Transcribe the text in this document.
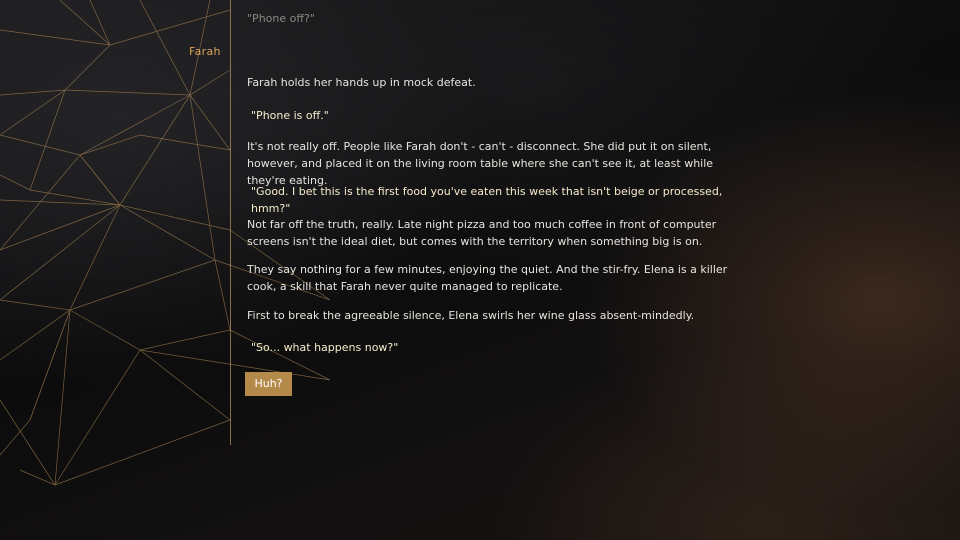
Farah

"Phone off?"

Farah holds her hands up in mock defeat.

"Phone is off."

It's not really off. People like Farah don't - can't - disconnect. She did put it on silent, however, and placed it on the living room table where she can't see it, at least while they're eating.

"Good. I bet this is the first food you've eaten this week that isn't beige or processed, hmm?"

Not far off the truth, really. Late night pizza and too much coffee in front of computer screens isn't the ideal diet, but comes with the territory when something big is on.

They say nothing for a few minutes, enjoying the quiet. And the stir-fry. Elena is a killer cook, a skill that Farah never quite managed to replicate.

First to break the agreeable silence, Elena swirls her wine glass absent-mindedly.

"So... what happens now?"

Huh?
